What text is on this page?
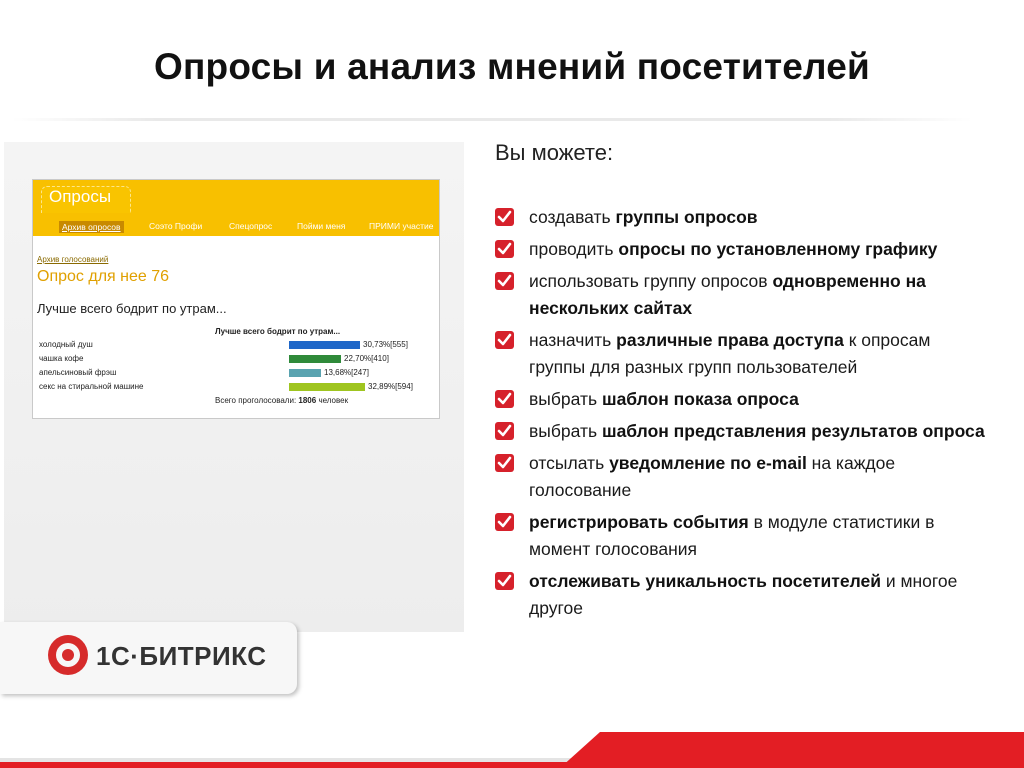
Опросы и анализ мнений посетителей
Опросы
Архив опросов	Соэто Профи	Спецопрос	Пойми меня	ПРИМИ участие
Архив голосований
Опрос для нее 76
Лучше всего бодрит по утрам...
Лучше всего бодрит по утрам...
холодный душ	30,73%[555]
чашка кофе	22,70%[410]
апельсиновый фрэш	13,68%[247]
секс на стиральной машине	32,89%[594]
Всего проголосовали: 1806 человек
1С·БИТРИКС
Вы можете:
создавать группы опросов
проводить опросы по установленному графику
использовать группу опросов одновременно на нескольких сайтах
назначить различные права доступа к опросам группы для разных групп пользователей
выбрать шаблон показа опроса
выбрать шаблон представления результатов опроса
отсылать уведомление по e-mail на каждое голосование
регистрировать события в модуле статистики в момент голосования
отслеживать уникальность посетителей и многое другое
